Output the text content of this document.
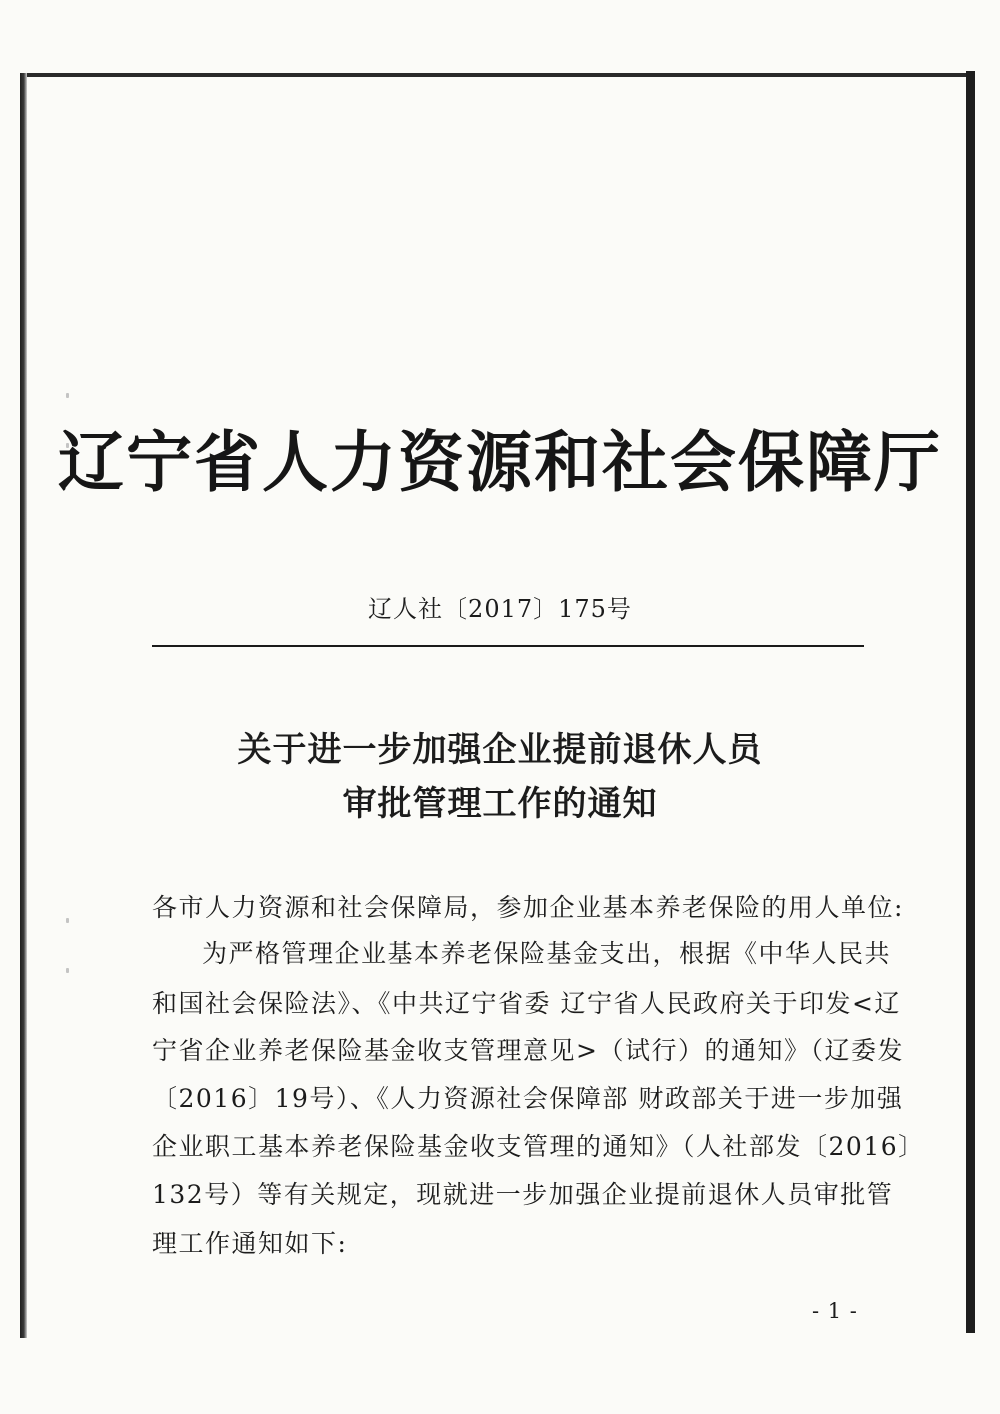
辽宁省人力资源和社会保障厅
辽人社〔2017〕175号
关于进一步加强企业提前退休人员
审批管理工作的通知
各市人力资源和社会保障局，参加企业基本养老保险的用人单位:
为严格管理企业基本养老保险基金支出，根据《中华人民共
和国社会保险法》、《中共辽宁省委 辽宁省人民政府关于印发<辽
宁省企业养老保险基金收支管理意见>（试行）的通知》（辽委发
〔2016〕19号）、《人力资源社会保障部 财政部关于进一步加强
企业职工基本养老保险基金收支管理的通知》（人社部发〔2016〕
132号）等有关规定，现就进一步加强企业提前退休人员审批管
理工作通知如下:
- 1 -
